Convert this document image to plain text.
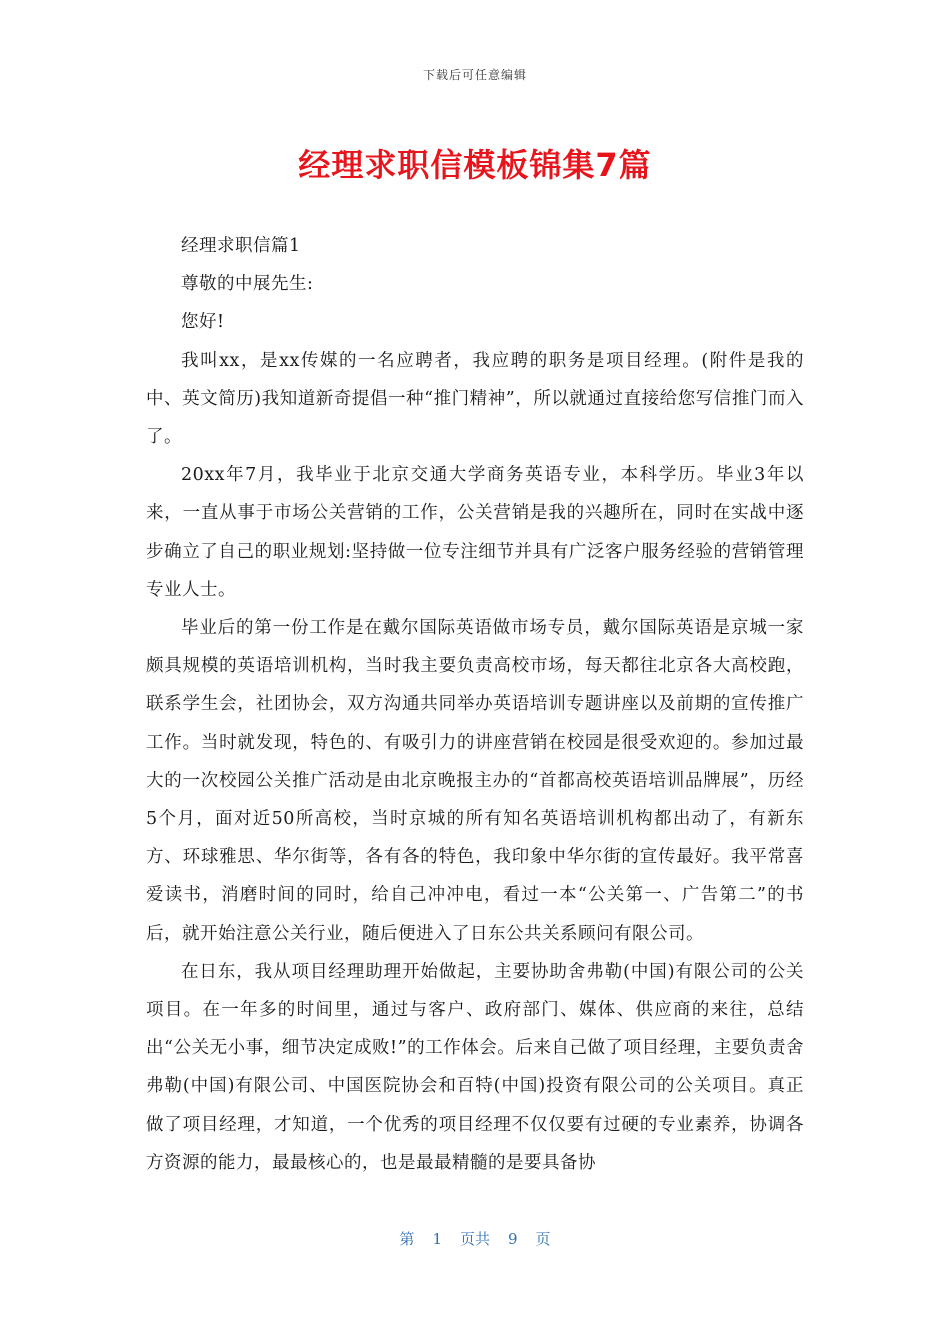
下载后可任意编辑
经理求职信模板锦集7篇

经理求职信篇1

尊敬的中展先生:

您好!

我叫xx，是xx传媒的一名应聘者，我应聘的职务是项目经理。(附件是我的中、英文简历)我知道新奇提倡一种“推门精神”，所以就通过直接给您写信推门而入了。

20xx年7月，我毕业于北京交通大学商务英语专业，本科学历。毕业3年以来，一直从事于市场公关营销的工作，公关营销是我的兴趣所在，同时在实战中逐步确立了自己的职业规划:坚持做一位专注细节并具有广泛客户服务经验的营销管理专业人士。

毕业后的第一份工作是在戴尔国际英语做市场专员，戴尔国际英语是京城一家颇具规模的英语培训机构，当时我主要负责高校市场，每天都往北京各大高校跑，联系学生会，社团协会，双方沟通共同举办英语培训专题讲座以及前期的宣传推广工作。当时就发现，特色的、有吸引力的讲座营销在校园是很受欢迎的。参加过最大的一次校园公关推广活动是由北京晚报主办的“首都高校英语培训品牌展”，历经5个月，面对近50所高校，当时京城的所有知名英语培训机构都出动了，有新东方、环球雅思、华尔街等，各有各的特色，我印象中华尔街的宣传最好。我平常喜爱读书，消磨时间的同时，给自己冲冲电，看过一本“公关第一、广告第二”的书后，就开始注意公关行业，随后便进入了日东公共关系顾问有限公司。

在日东，我从项目经理助理开始做起，主要协助舍弗勒(中国)有限公司的公关项目。在一年多的时间里，通过与客户、政府部门、媒体、供应商的来往，总结出“公关无小事，细节决定成败!”的工作体会。后来自己做了项目经理，主要负责舍弗勒(中国)有限公司、中国医院协会和百特(中国)投资有限公司的公关项目。真正做了项目经理，才知道，一个优秀的项目经理不仅仅要有过硬的专业素养，协调各方资源的能力，最最核心的，也是最最精髓的是要具备协

第 1 页共 9 页
